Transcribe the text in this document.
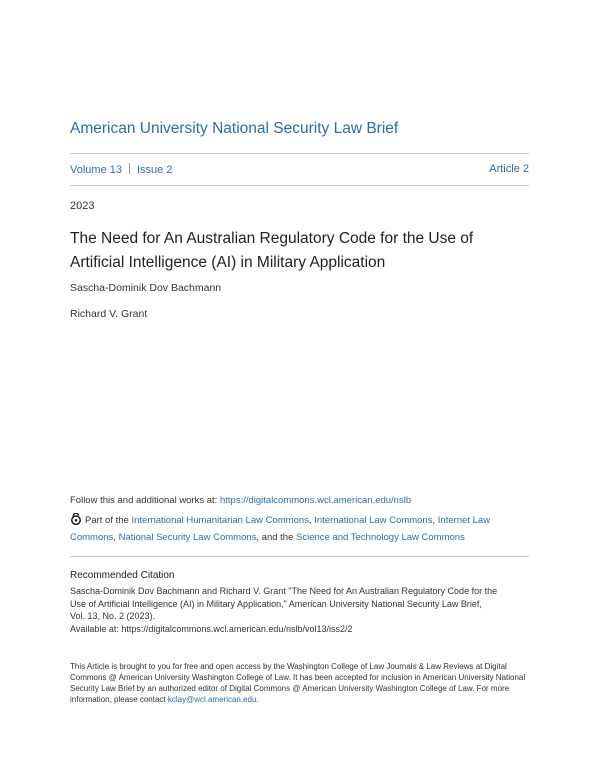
American University National Security Law Brief
Volume 13 Issue 2	Article 2
2023
The Need for An Australian Regulatory Code for the Use of
Artificial Intelligence (AI) in Military Application
Sascha-Dominik Dov Bachmann
Richard V. Grant
Follow this and additional works at: https://digitalcommons.wcl.american.edu/nslb
Part of the International Humanitarian Law Commons, International Law Commons, Internet Law Commons, National Security Law Commons, and the Science and Technology Law Commons
Recommended Citation
Sascha-Dominik Dov Bachmann and Richard V. Grant "The Need for An Australian Regulatory Code for the
Use of Artificial Intelligence (AI) in Military Application," American University National Security Law Brief,
Vol. 13, No. 2 (2023).
Available at: https://digitalcommons.wcl.american.edu/nslb/vol13/iss2/2
This Article is brought to you for free and open access by the Washington College of Law Journals & Law Reviews at Digital Commons @ American University Washington College of Law. It has been accepted for inclusion in American University National Security Law Brief by an authorized editor of Digital Commons @ American University Washington College of Law. For more information, please contact kclay@wcl.american.edu.
